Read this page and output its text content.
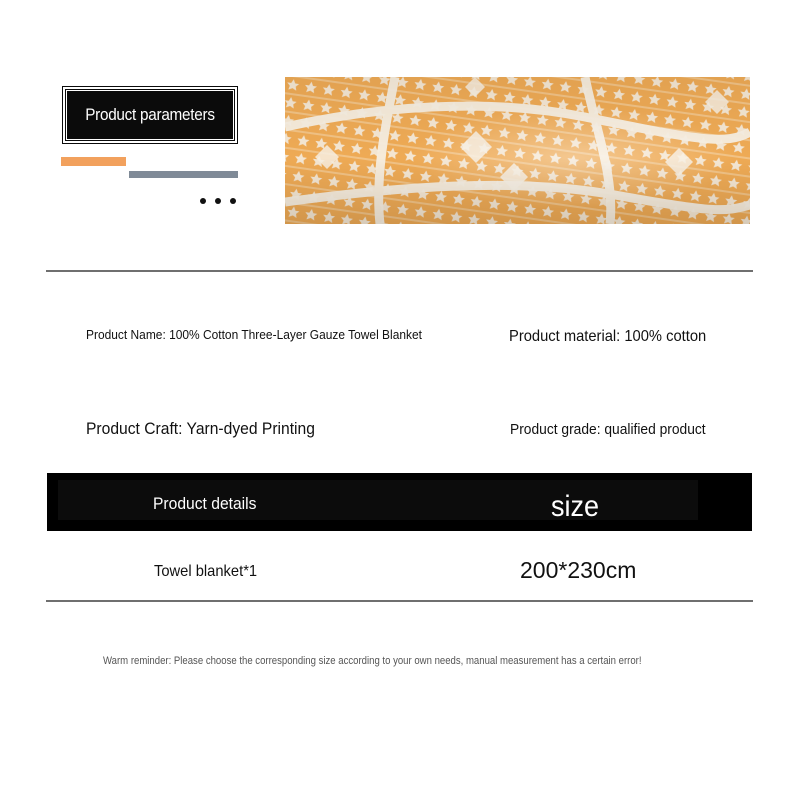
Product parameters
Product Name: 100% Cotton Three-Layer Gauze Towel Blanket	Product material: 100% cotton
Product Craft: Yarn-dyed Printing	Product grade: qualified product
Product details	size
Towel blanket*1	200*230cm
Warm reminder: Please choose the corresponding size according to your own needs, manual measurement has a certain error!
